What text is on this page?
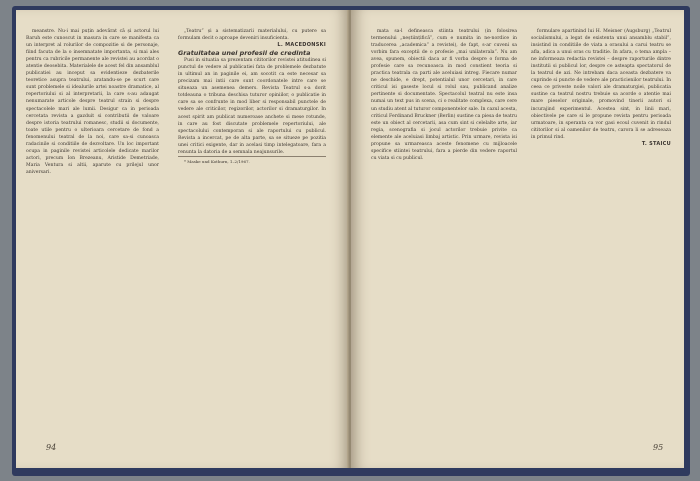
meanstre. Nu-i mai puțin adevărat că și actorul lui Baruh este cunoscut in masura in care se manifesta ca un interpret al rolurilor de compozitie si de personaje, fiind facuta de la o insemnatate importanta, si mai ales pentru ca rubricile permanente ale revistei au acordat o atentie deosebita. Materialele de acest fel din ansamblul publicatiei au inceput sa evidentieze dezbaterile teoretice asupra teatrului, aratandu-se pe scurt care sunt problemele si idealurile artei noastre dramatice, al repertoriului si al interpretarii, la care s-au adaugat nenumarate articole despre teatrul strain si despre spectacolele mari ale lumii. Desigur ca in perioada cercetata revista a gazduit si contributii de valoare despre istoria teatrului romanesc, studii si documente, toate utile pentru o ulterioara cercetare de fond a fenomenului teatral de la noi, care sa-si cunoasca radacinile si conditiile de dezvoltare. Un loc important ocupa in paginile revistei articolele dedicate marilor actori, precum Ion Brezeanu, Aristide Demetriade, Maria Ventura si altii, aparute cu prilejul unor aniversari.

„Teatru” și a sistematizarii materialului, cu putere sa formulam decit o aproape deveniri insuficienta.

L. MACEDONSKI

Gratuitatea unei profesii de credinta

Pusi in situatia sa prezentam cititorilor revistei atitudinea si punctul de vedere al publicatiei fata de problemele dezbatute in ultimul an in paginile ei, am socotit ca este necesar sa precizam mai intii care sunt coordonatele intre care se situeaza un asemenea demers. Revista Teatrul s-a dorit totdeauna o tribuna deschisa tuturor opiniilor, o publicatie in care sa se confrunte in mod liber si responsabil punctele de vedere ale criticilor, regizorilor, actorilor si dramaturgilor. In acest spirit am publicat numeroase anchete si mese rotunde, in care au fost discutate problemele repertoriului, ale spectacolului contemporan si ale raportului cu publicul. Revista a incercat, pe de alta parte, sa se situeze pe pozitia unei critici exigente, dar in acelasi timp intelegatoare, fara a renunta la datoria de a semnala neajunsurile.

* Maske und Kothurn, 1–2/1967.

94

mata sa-l defineasca stiinta teatrului (in folosirea termenului „neștiințifică”, cum e numita in ne-nordice in traducerea „academica” a revistei), de fapt, s-ar cuveni sa vorbim fara exceptii de o profesie „mai unilaterala”. Nu am avea, spunem, obiectii daca ar fi vorba despre o forma de profesie care sa recunoasca in mod constient teoria si practica teatrala ca parti ale aceluiasi intreg. Fiecare numar ne deschide, e drept, potentialul unor cercetari, in care criticul isi gaseste locul si rolul sau, publicand analize pertinente si documentate. Spectacolul teatral nu este insa numai un text pus in scena, ci o realitate complexa, care cere un studiu atent al tuturor componentelor sale. In cazul acesta, criticul Ferdinand Bruckner (Berlin) sustine ca piesa de teatru este un obiect al cercetarii, asa cum sint si celelalte arte, iar regia, scenografia si jocul actorilor trebuie privite ca elemente ale aceluiasi limbaj artistic. Prin urmare, revista isi propune sa urmareasca aceste fenomene cu mijloacele specifice stiintei teatrului, fara a pierde din vedere raportul cu viata si cu publicul.

formulare apartinind lui H. Meisner (Augsburg) „Teatrul socialismului, a legat de existenta unui ansamblu stabil”, insistind in conditiile de viata a orasului a carui teatru se afla, adica a unui oras cu traditie. In afara, o tema ampla – ne informeaza redactia revistei – despre raporturile dintre institutii si publicul lor, despre ce asteapta spectatorul de la teatrul de azi. Ne intrebam daca aceasta dezbatere va cuprinde si puncte de vedere ale practicienilor teatrului. In ceea ce priveste noile valori ale dramaturgiei, publicatia sustine ca teatrul nostru trebuie sa acorde o atentie mai mare pieselor originale, promovind tinerii autori si incurajind experimentul. Acestea sint, in linii mari, obiectivele pe care si le propune revista pentru perioada urmatoare, in speranta ca vor gasi ecoul cuvenit in rindul cititorilor si al oamenilor de teatru, carora li se adreseaza in primul rind.

T. STAICU

95
